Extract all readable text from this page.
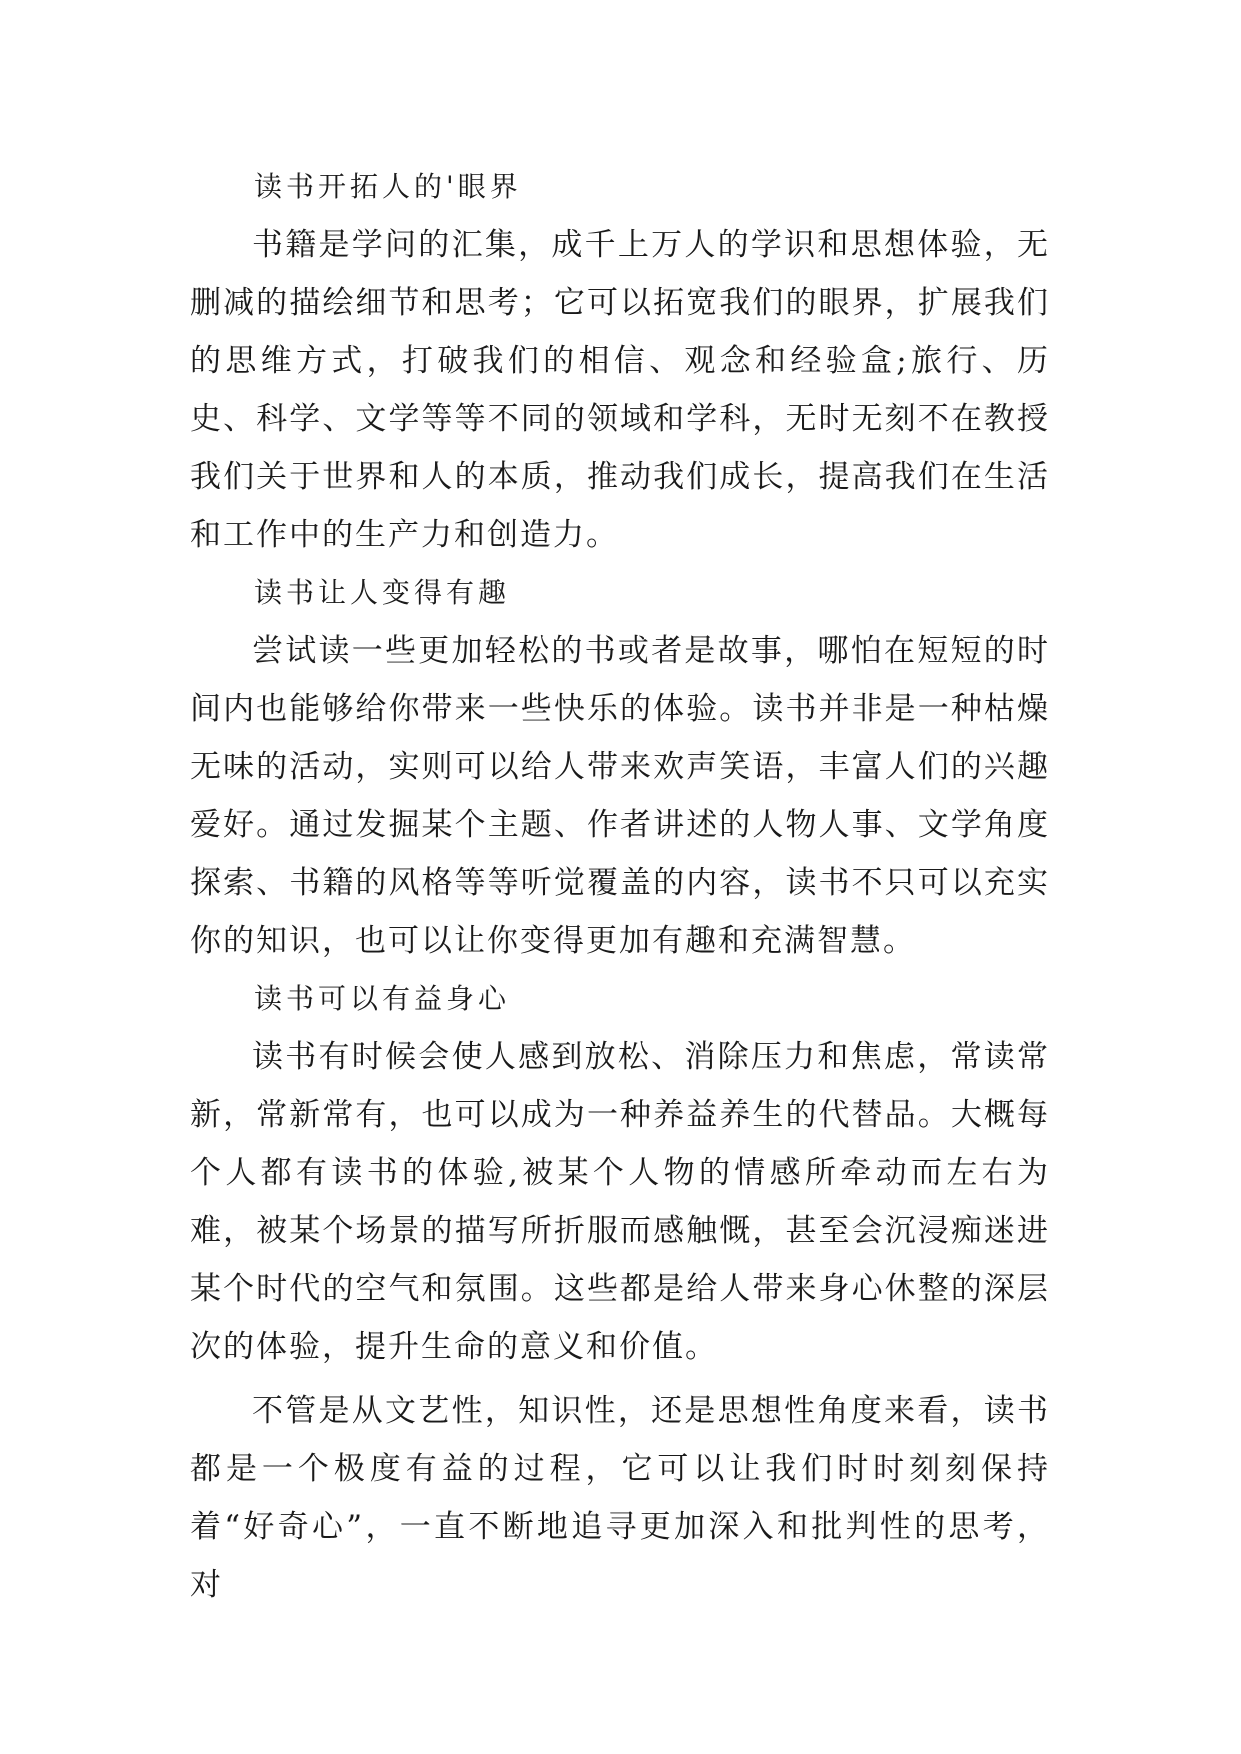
读书开拓人的'眼界

书籍是学问的汇集，成千上万人的学识和思想体验，无删减的描绘细节和思考；它可以拓宽我们的眼界，扩展我们的思维方式，打破我们的相信、观念和经验盒;旅行、历史、科学、文学等等不同的领域和学科，无时无刻不在教授我们关于世界和人的本质，推动我们成长，提高我们在生活和工作中的生产力和创造力。

读书让人变得有趣

尝试读一些更加轻松的书或者是故事，哪怕在短短的时间内也能够给你带来一些快乐的体验。读书并非是一种枯燥无味的活动，实则可以给人带来欢声笑语，丰富人们的兴趣爱好。通过发掘某个主题、作者讲述的人物人事、文学角度探索、书籍的风格等等听觉覆盖的内容，读书不只可以充实你的知识，也可以让你变得更加有趣和充满智慧。

读书可以有益身心

读书有时候会使人感到放松、消除压力和焦虑，常读常新，常新常有，也可以成为一种养益养生的代替品。大概每个人都有读书的体验,被某个人物的情感所牵动而左右为难，被某个场景的描写所折服而感触慨，甚至会沉浸痴迷进某个时代的空气和氛围。这些都是给人带来身心休整的深层次的体验，提升生命的意义和价值。

不管是从文艺性，知识性，还是思想性角度来看，读书都是一个极度有益的过程，它可以让我们时时刻刻保持着“好奇心”，一直不断地追寻更加深入和批判性的思考，对
